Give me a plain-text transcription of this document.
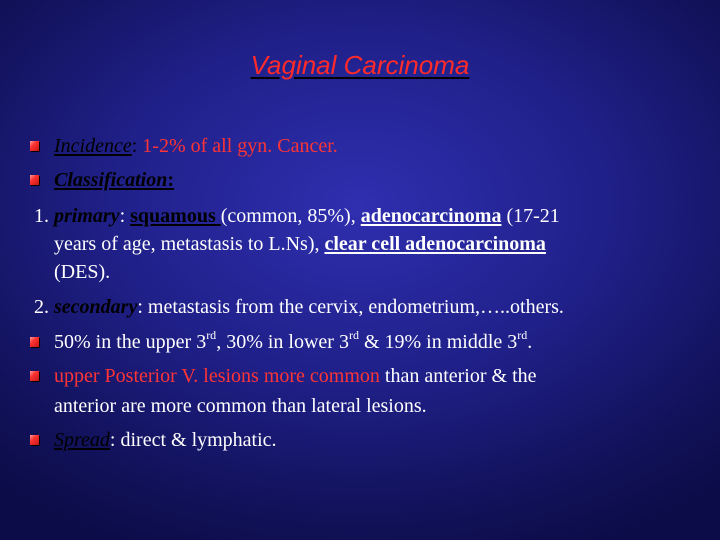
Vaginal Carcinoma
Incidence: 1-2% of all gyn. Cancer.
Classification:
1. primary: squamous (common, 85%), adenocarcinoma (17-21
years of age, metastasis to L.Ns), clear cell adenocarcinoma
(DES).
2. secondary: metastasis from the cervix, endometrium,…..others.
50% in the upper 3rd, 30% in lower 3rd & 19% in middle 3rd.
upper Posterior V. lesions more common than anterior & the
anterior are more common than lateral lesions.
Spread: direct & lymphatic.
